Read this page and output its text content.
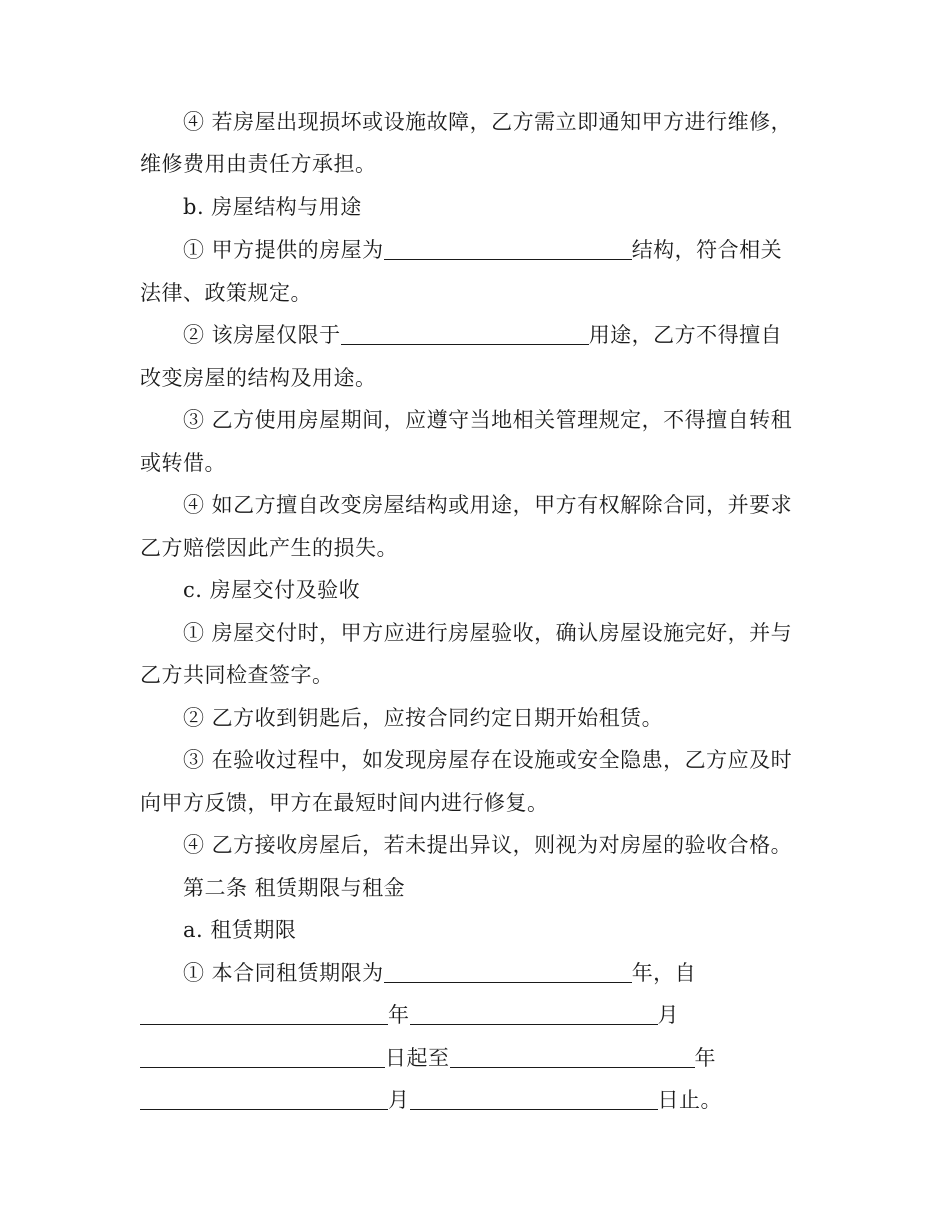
④ 若房屋出现损坏或设施故障，乙方需立即通知甲方进行维修，
维修费用由责任方承担。
b. 房屋结构与用途
① 甲方提供的房屋为	结构，符合相关
法律、政策规定。
② 该房屋仅限于	用途，乙方不得擅自
改变房屋的结构及用途。
③ 乙方使用房屋期间，应遵守当地相关管理规定，不得擅自转租
或转借。
④ 如乙方擅自改变房屋结构或用途，甲方有权解除合同，并要求
乙方赔偿因此产生的损失。
c. 房屋交付及验收
① 房屋交付时，甲方应进行房屋验收，确认房屋设施完好，并与
乙方共同检查签字。
② 乙方收到钥匙后，应按合同约定日期开始租赁。
③ 在验收过程中，如发现房屋存在设施或安全隐患，乙方应及时
向甲方反馈，甲方在最短时间内进行修复。
④ 乙方接收房屋后，若未提出异议，则视为对房屋的验收合格。
第二条 租赁期限与租金
a. 租赁期限
① 本合同租赁期限为	年，自
年	月
日起至	年
月	日止。
